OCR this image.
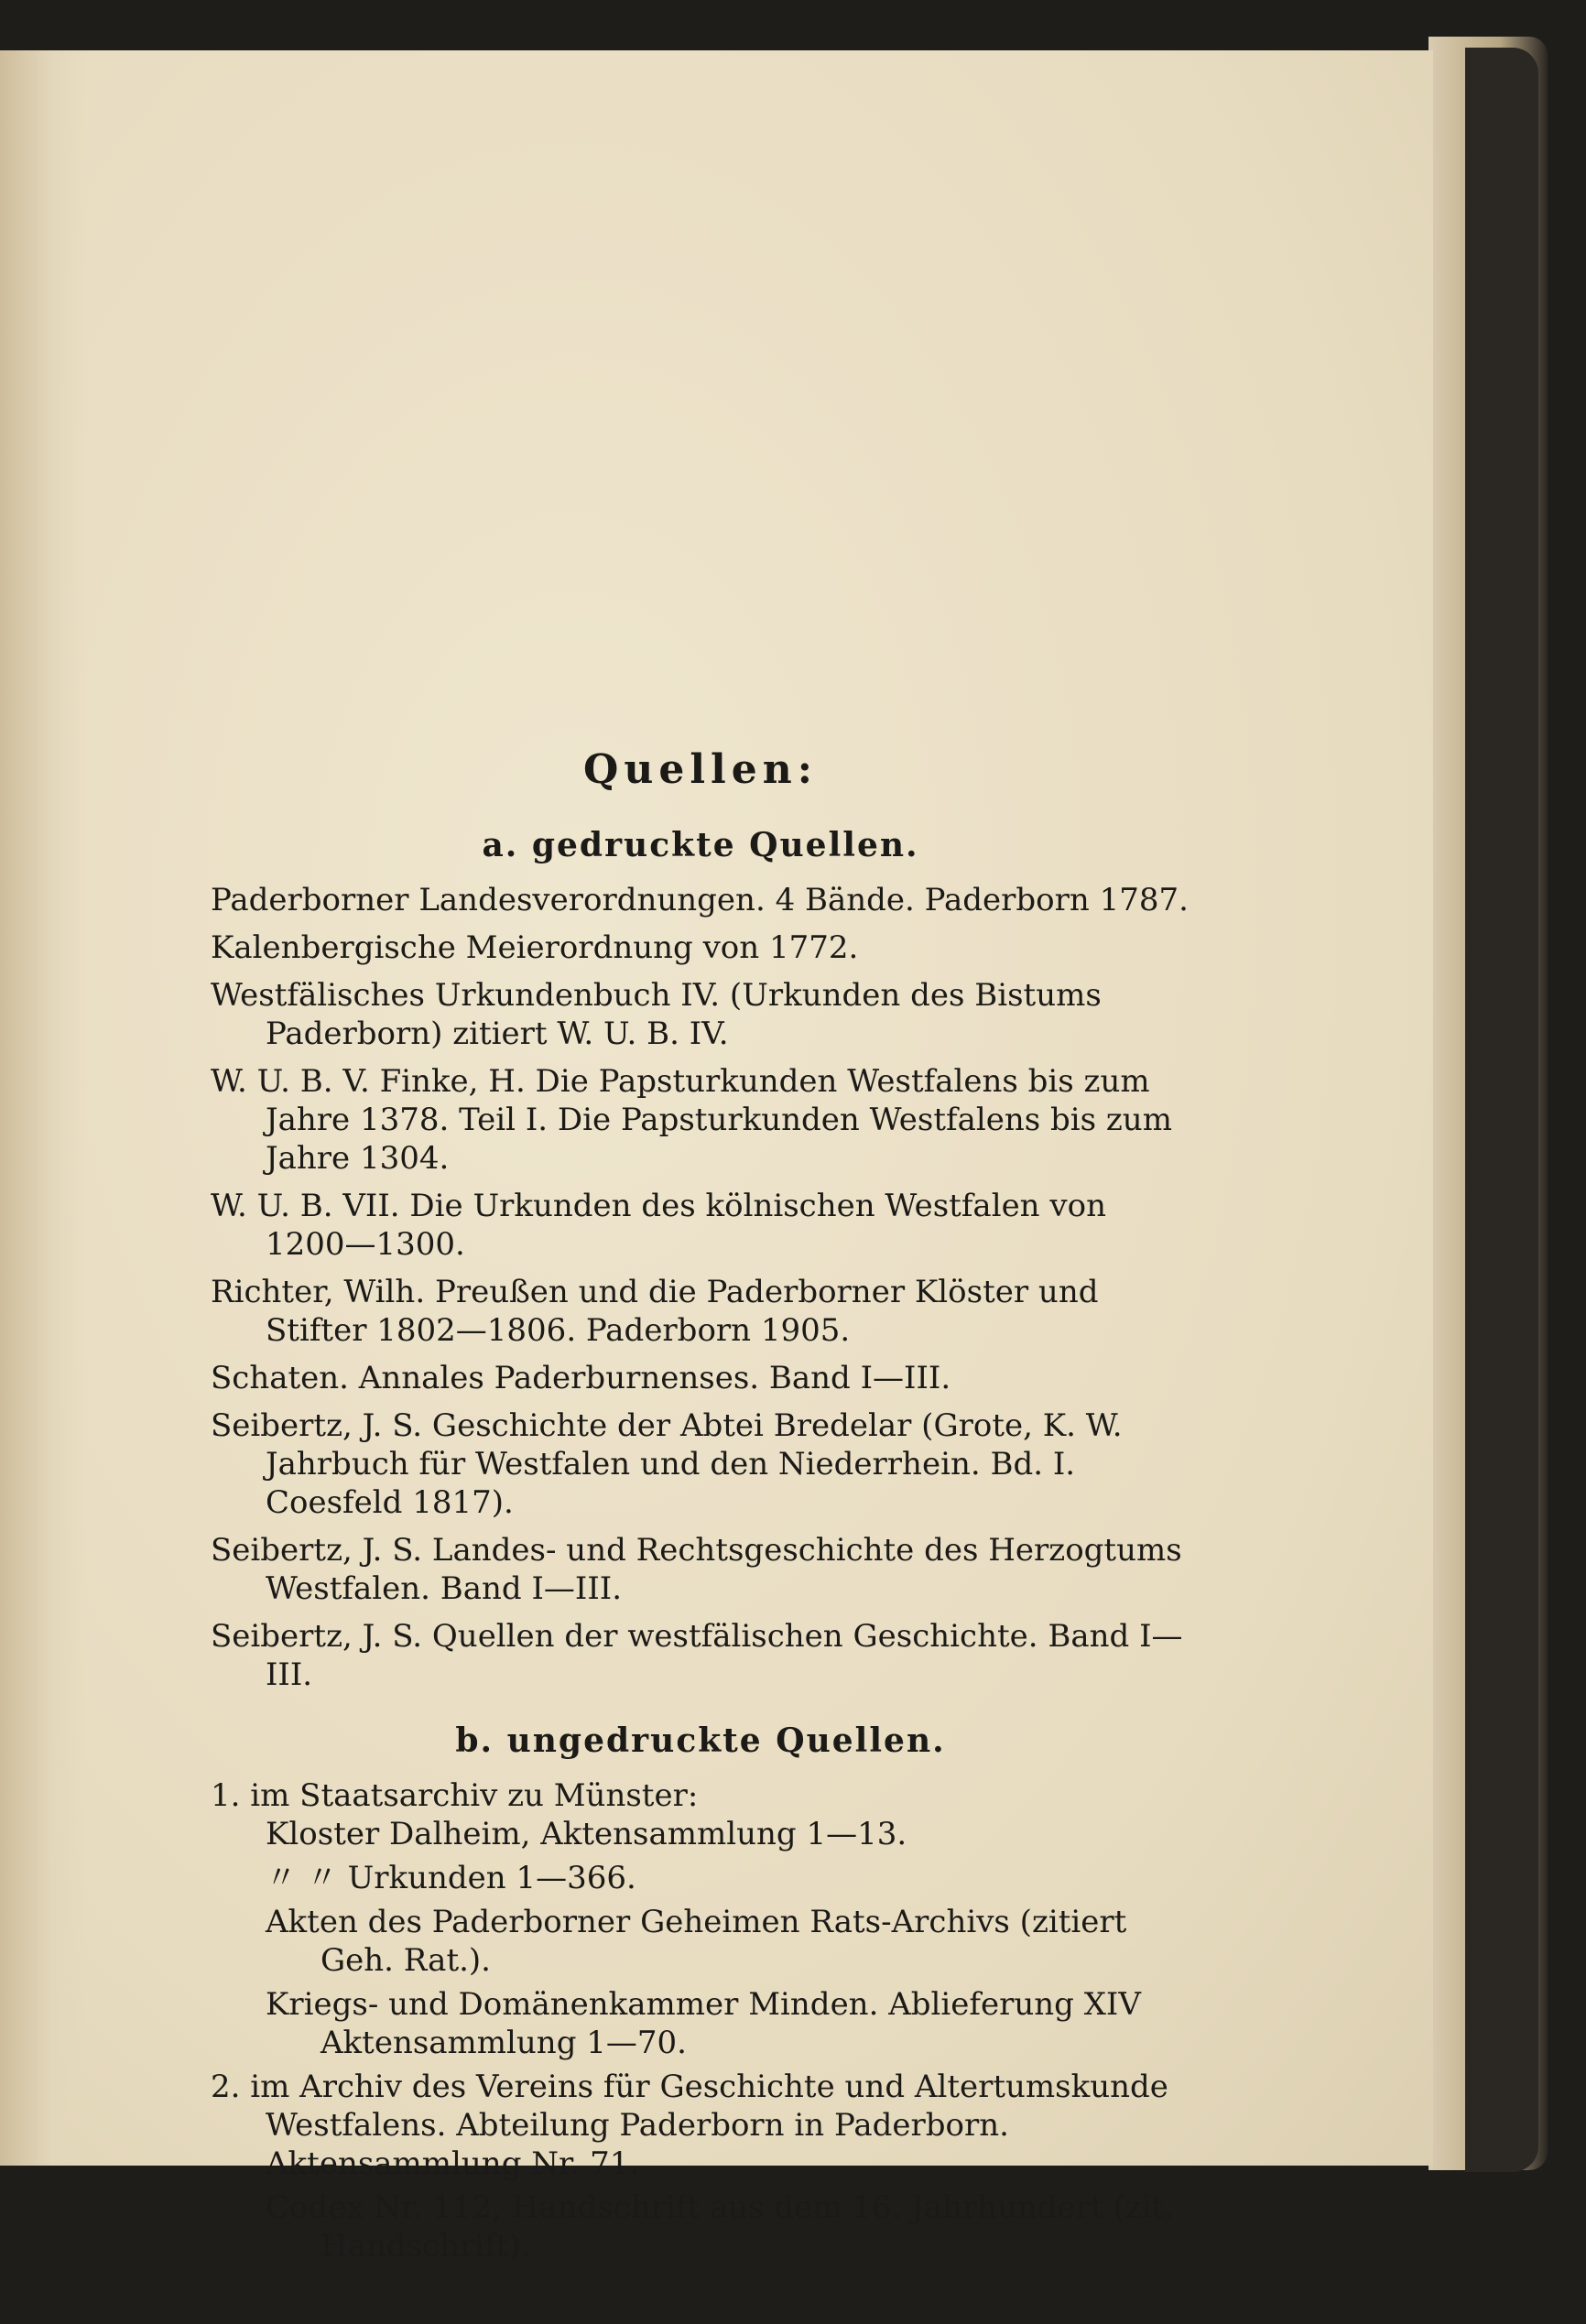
Quellen:
a. gedruckte Quellen.

Paderborner Landesverordnungen. 4 Bände. Paderborn 1787.

Kalenbergische Meierordnung von 1772.

Westfälisches Urkundenbuch IV. (Urkunden des Bistums Paderborn) zitiert W. U. B. IV.

W. U. B. V. Finke, H. Die Papsturkunden Westfalens bis zum Jahre 1378. Teil I. Die Papsturkunden Westfalens bis zum Jahre 1304.

W. U. B. VII. Die Urkunden des kölnischen Westfalen von 1200—1300.

Richter, Wilh. Preußen und die Paderborner Klöster und Stifter 1802—1806. Paderborn 1905.

Schaten. Annales Paderburnenses. Band I—III.

Seibertz, J. S. Geschichte der Abtei Bredelar (Grote, K. W. Jahrbuch für Westfalen und den Niederrhein. Bd. I. Coesfeld 1817).

Seibertz, J. S. Landes- und Rechtsgeschichte des Herzogtums Westfalen. Band I—III.

Seibertz, J. S. Quellen der westfälischen Geschichte. Band I—III.

b. ungedruckte Quellen.

1. im Staatsarchiv zu Münster:

Kloster Dalheim, Aktensammlung 1—13.

〃 〃 Urkunden 1—366.

Akten des Paderborner Geheimen Rats-Archivs (zitiert Geh. Rat.).

Kriegs- und Domänenkammer Minden. Ablieferung XIV Aktensammlung 1—70.

2. im Archiv des Vereins für Geschichte und Altertumskunde Westfalens. Abteilung Paderborn in Paderborn.

Aktensammlung Nr. 71.

Codex Nr. 112, Handschrift aus dem 16. Jahrhundert (zit. Handschrift).
